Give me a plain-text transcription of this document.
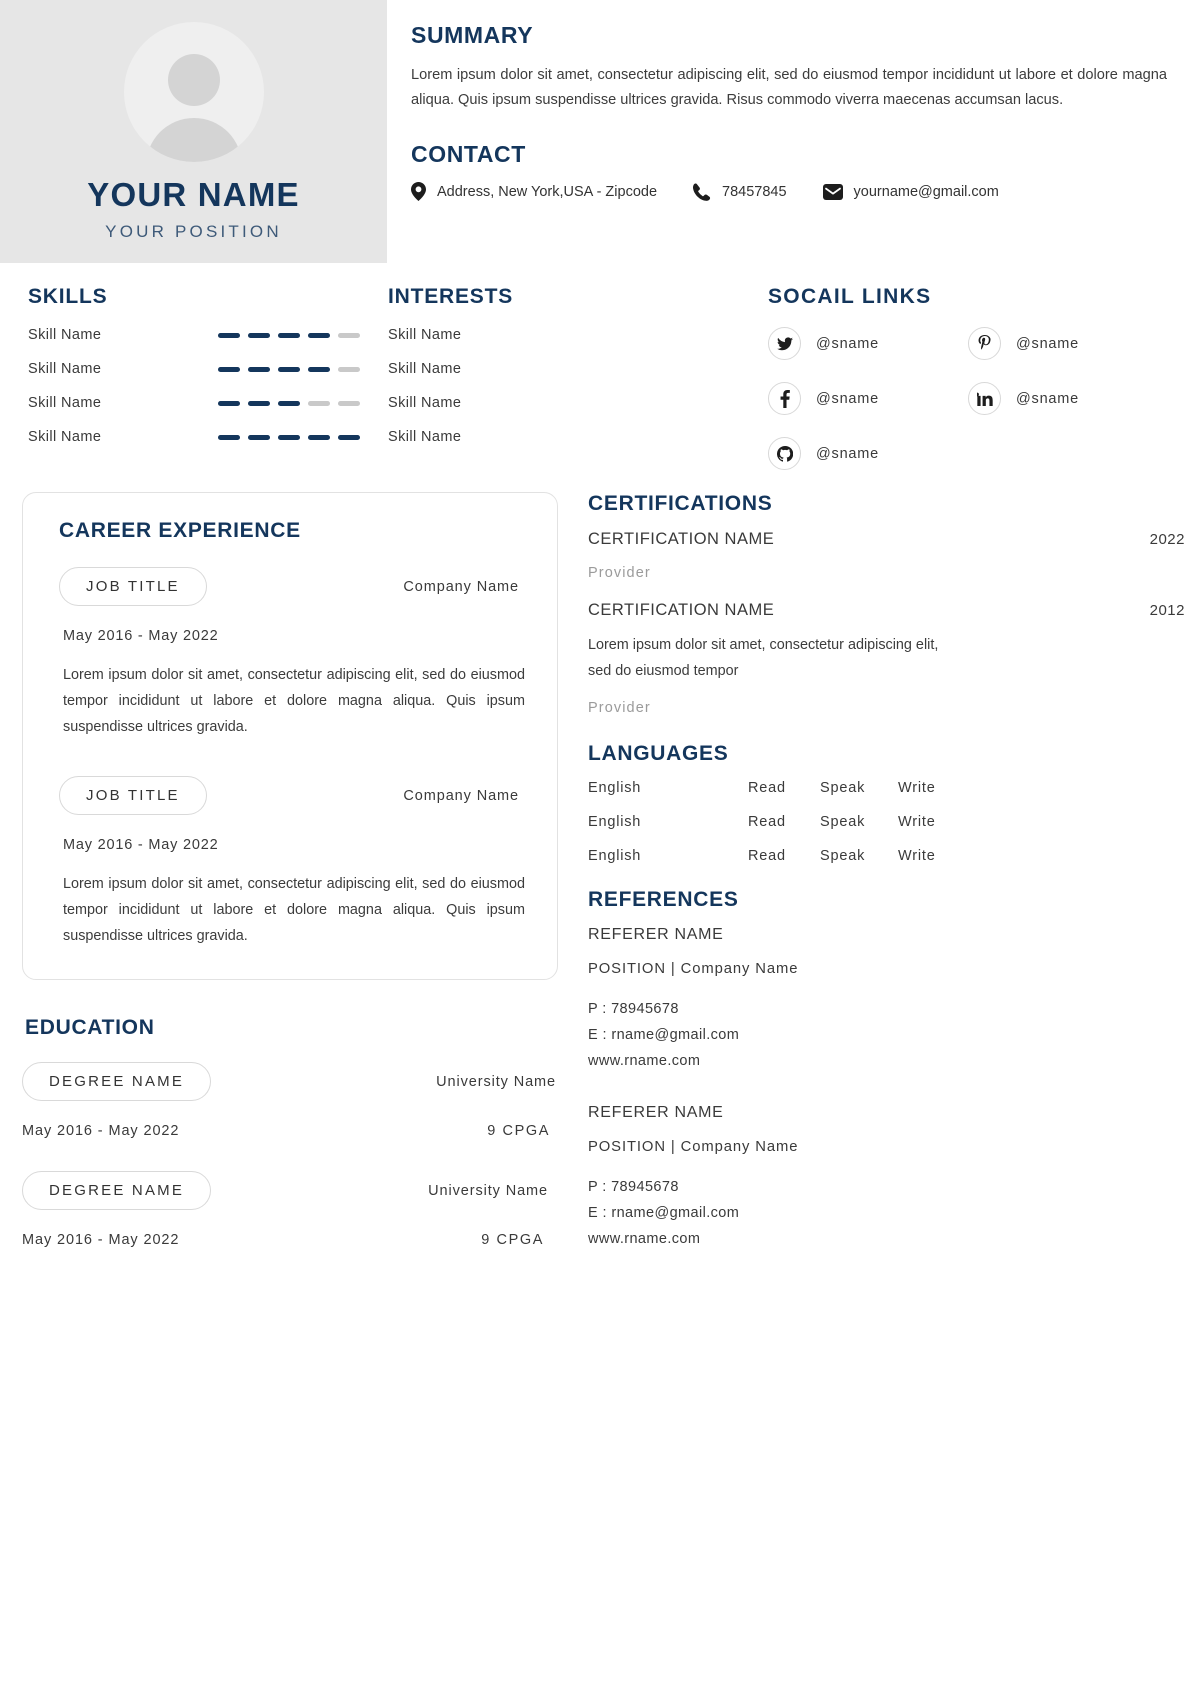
YOUR NAME
YOUR POSITION
SUMMARY

Lorem ipsum dolor sit amet, consectetur adipiscing elit, sed do eiusmod tempor incididunt ut labore et dolore magna aliqua. Quis ipsum suspendisse ultrices gravida. Risus commodo viverra maecenas accumsan lacus.

CONTACT
Address, New York,USA - Zipcode	78457845	yourname@gmail.com
SKILLS
Skill Name
Skill Name
Skill Name
Skill Name
INTERESTS
Skill Name
Skill Name
Skill Name
Skill Name
SOCAIL LINKS
@sname	@sname
@sname	@sname
@sname
CAREER EXPERIENCE
JOB TITLE	Company Name
May 2016 - May 2022

Lorem ipsum dolor sit amet, consectetur adipiscing elit, sed do eiusmod tempor incididunt ut labore et dolore magna aliqua. Quis ipsum suspendisse ultrices gravida.

JOB TITLE	Company Name
May 2016 - May 2022

Lorem ipsum dolor sit amet, consectetur adipiscing elit, sed do eiusmod tempor incididunt ut labore et dolore magna aliqua. Quis ipsum suspendisse ultrices gravida.

EDUCATION
DEGREE NAME	University Name
May 2016 - May 2022	9 CPGA
DEGREE NAME	University Name
May 2016 - May 2022	9 CPGA
CERTIFICATIONS
CERTIFICATION NAME	2022
Provider
CERTIFICATION NAME	2012

Lorem ipsum dolor sit amet, consectetur adipiscing elit, sed do eiusmod tempor

Provider
LANGUAGES
English	Read	Speak	Write
English	Read	Speak	Write
English	Read	Speak	Write
REFERENCES
REFERER NAME
POSITION | Company Name
P : 78945678
E : rname@gmail.com
www.rname.com
REFERER NAME
POSITION | Company Name
P : 78945678
E : rname@gmail.com
www.rname.com
